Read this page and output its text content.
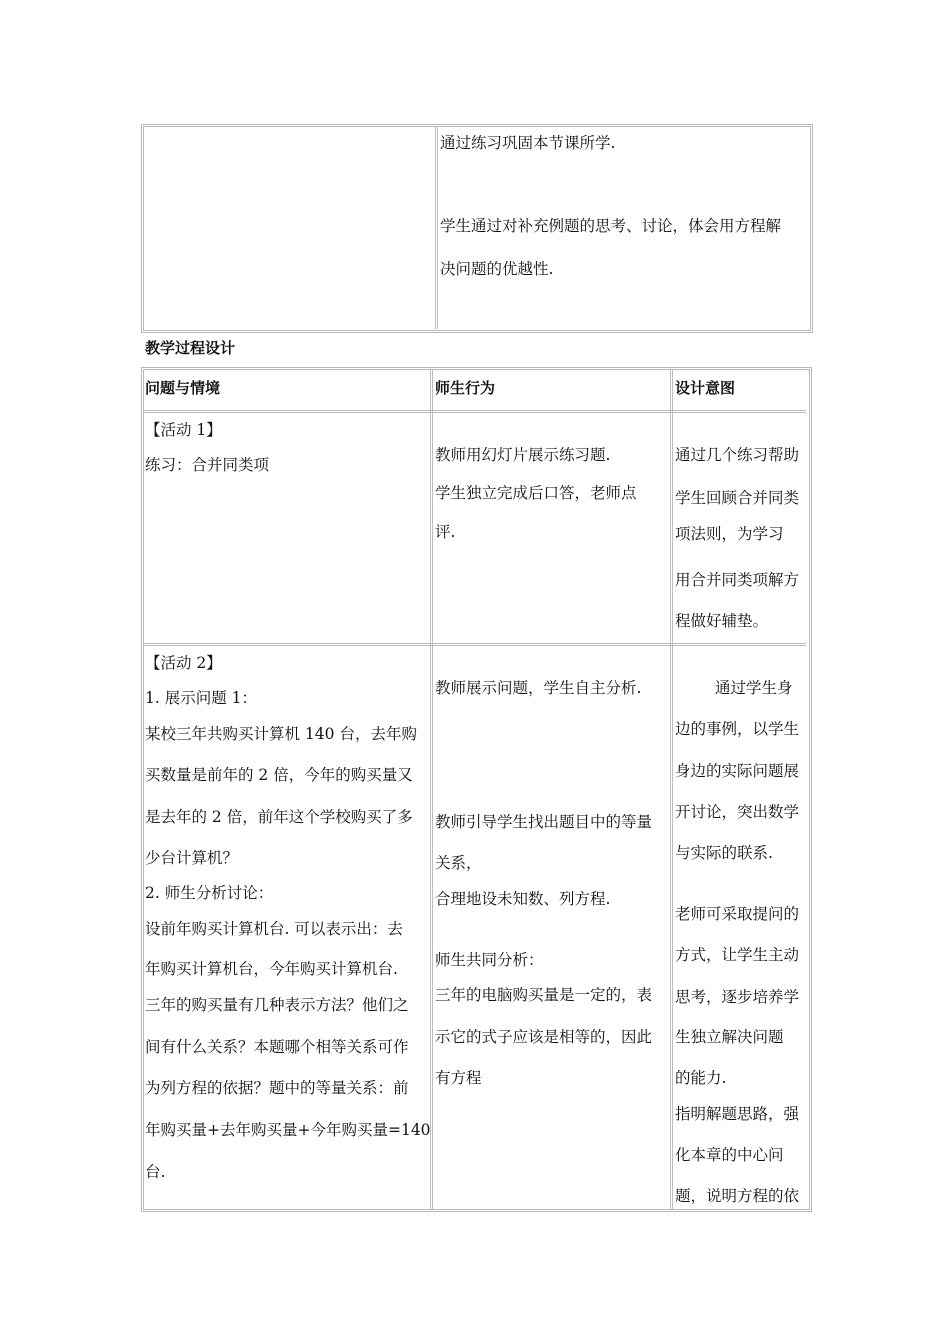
通过练习巩固本节课所学.
学生通过对补充例题的思考、讨论，体会用方程解
决问题的优越性.
教学过程设计
问题与情境	师生行为	设计意图
【活动 1】
练习：合并同类项
教师用幻灯片展示练习题.
学生独立完成后口答，老师点
评.
通过几个练习帮助
学生回顾合并同类
项法则，为学习
用合并同类项解方
程做好辅垫。
【活动 2】
1. 展示问题 1：
某校三年共购买计算机 140 台，去年购
买数量是前年的 2 倍，今年的购买量又
是去年的 2 倍，前年这个学校购买了多
少台计算机？
2. 师生分析讨论：
设前年购买计算机台. 可以表示出：去
年购买计算机台，今年购买计算机台.
三年的购买量有几种表示方法？他们之
间有什么关系？本题哪个相等关系可作
为列方程的依据？题中的等量关系：前
年购买量+去年购买量+今年购买量=140
台.
教师展示问题，学生自主分析.
教师引导学生找出题目中的等量
关系，
合理地设未知数、列方程.
师生共同分析：
三年的电脑购买量是一定的，表
示它的式子应该是相等的，因此
有方程
通过学生身
边的事例，以学生
身边的实际问题展
开讨论，突出数学
与实际的联系.
老师可采取提问的
方式，让学生主动
思考，逐步培养学
生独立解决问题
的能力.
指明解题思路，强
化本章的中心问
题，说明方程的依
